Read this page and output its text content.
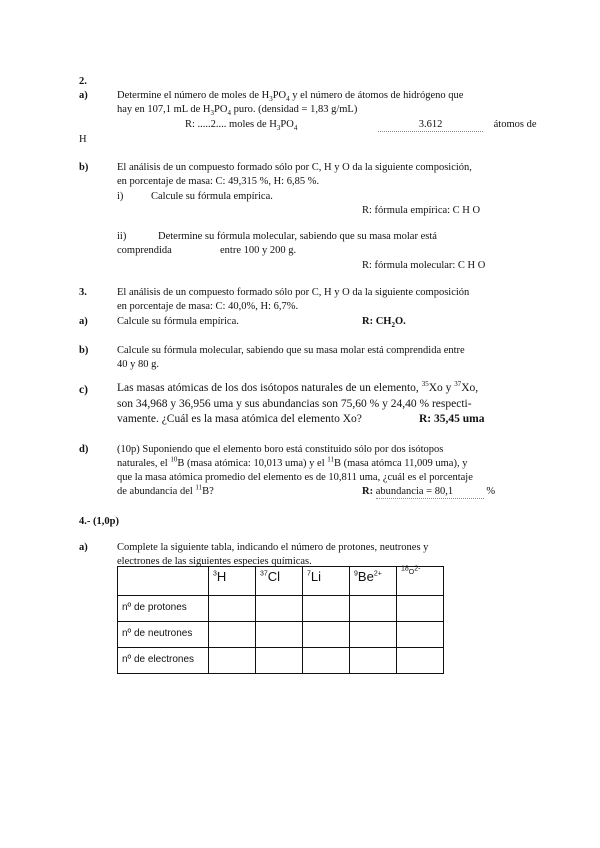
2.
a)	Determine el número de moles de $H_3PO_4$ y el número de átomos de hidrógeno que
hay en 107,1 mL de $H_3PO_4$ puro. (densidad = 1,83 g/mL)
R: .....2.... moles de $H_3PO_4$	3.612	átomos de
H
b)	El análisis de un compuesto formado sólo por C, H y O da la siguiente composición,
en porcentaje de masa: C: 49,315 %, H: 6,85 %.
i)	Calcule su fórmula empírica.
R: fórmula empírica: C H O
ii)	Determine su fórmula molecular, sabiendo que su masa molar está
comprendida	entre 100 y 200 g.
R: fórmula molecular: C H O
3.	El análisis de un compuesto formado sólo por C, H y O da la siguiente composición
en porcentaje de masa: C: 40,0%, H: 6,7%.
a)	Calcule su fórmula empírica.	R: $CH_2O$.
b)	Calcule su fórmula molecular, sabiendo que su masa molar está comprendida entre
40 y 80 g.
c)	Las masas atómicas de los dos isótopos naturales de un elemento, $^{35}$Xo y $^{37}$Xo,
son 34,968 y 36,956 uma y sus abundancias son 75,60 % y 24,40 % respecti-
vamente. ¿Cuál es la masa atómica del elemento Xo?	R: 35,45 uma
d)	(10p) Suponiendo que el elemento boro está constituido sólo por dos isótopos
naturales, el $^{10}$B (masa atómica: 10,013 uma) y el $^{11}$B (masa atómca 11,009 uma), y
que la masa atómica promedio del elemento es de 10,811 uma, ¿cuál es el porcentaje
de abundancia del $^{11}$B?	R: abundancia = 80,1	%
4.- (1,0p)
a)	Complete la siguiente tabla, indicando el número de protones, neutrones y
electrones de las siguientes especies químicas.
	$^3$H	$^{37}$Cl	$^7$Li	$^9Be^{2+}$	$^{18}O^{2-}$
nº de protones					
nº de neutrones					
nº de electrones					
